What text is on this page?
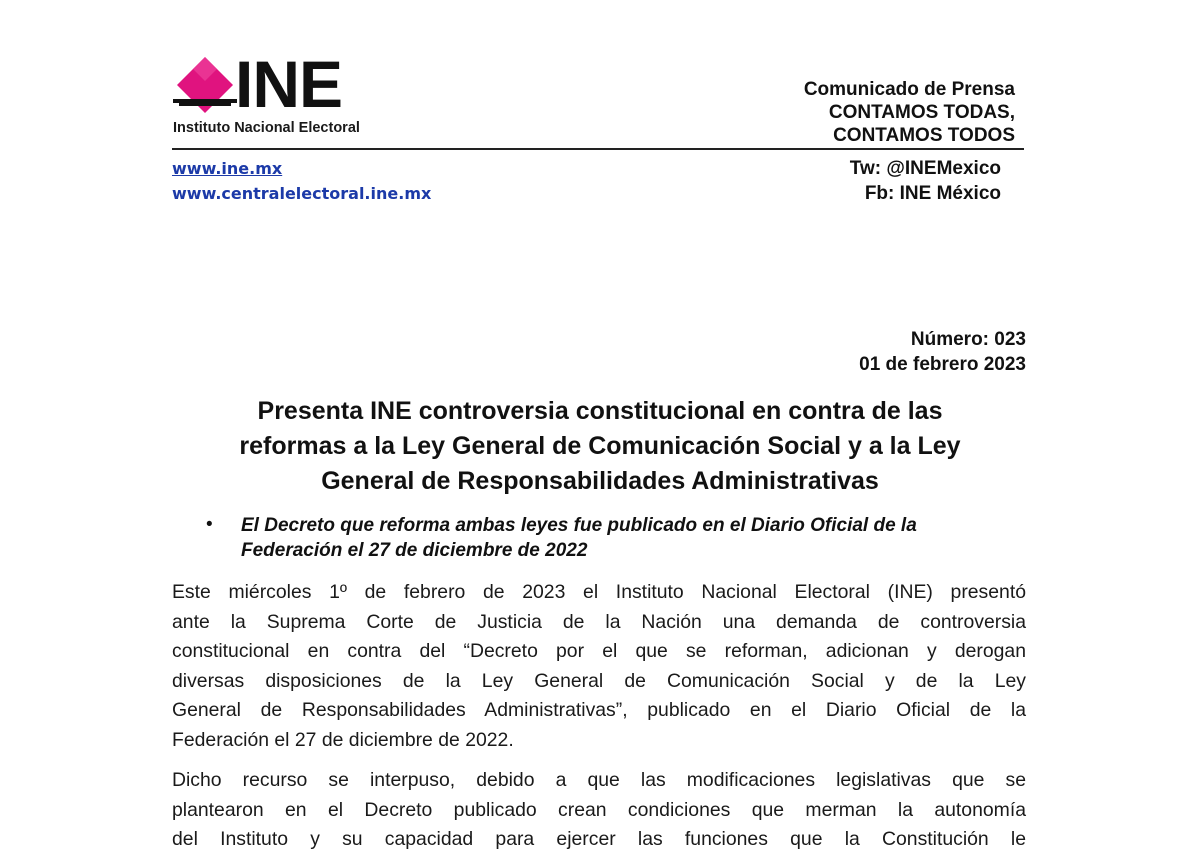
INE
Instituto Nacional Electoral
Comunicado de Prensa
CONTAMOS TODAS,
CONTAMOS TODOS
www.ine.mx
www.centralelectoral.ine.mx
Tw: @INEMexico
Fb: INE México
Número: 023
01 de febrero 2023
Presenta INE controversia constitucional en contra de las
reformas a la Ley General de Comunicación Social y a la Ley
General de Responsabilidades Administrativas
• El Decreto que reforma ambas leyes fue publicado en el Diario Oficial de la
Federación el 27 de diciembre de 2022
Este miércoles 1º de febrero de 2023 el Instituto Nacional Electoral (INE) presentó
ante la Suprema Corte de Justicia de la Nación una demanda de controversia
constitucional en contra del “Decreto por el que se reforman, adicionan y derogan
diversas disposiciones de la Ley General de Comunicación Social y de la Ley
General de Responsabilidades Administrativas”, publicado en el Diario Oficial de la
Federación el 27 de diciembre de 2022.
Dicho recurso se interpuso, debido a que las modificaciones legislativas que se
plantearon en el Decreto publicado crean condiciones que merman la autonomía
del Instituto y su capacidad para ejercer las funciones que la Constitución le
